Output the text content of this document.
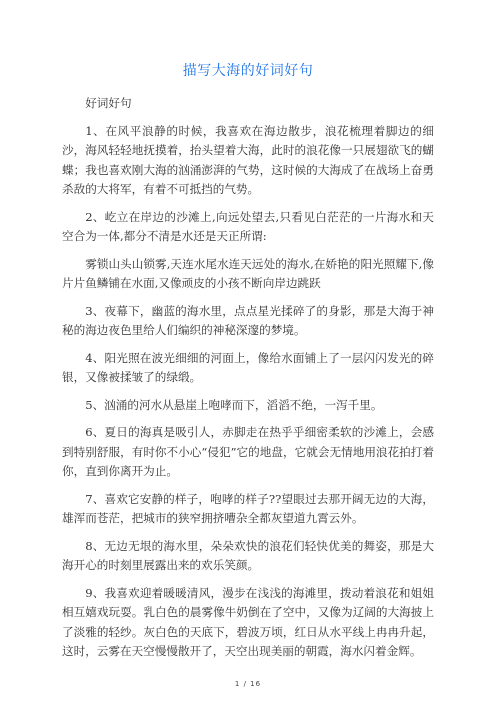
描写大海的好词好句

好词好句

1、在风平浪静的时候，我喜欢在海边散步，浪花梳理着脚边的细沙，海风轻轻地抚摸着，抬头望着大海，此时的浪花像一只展翅欲飞的蝴蝶；我也喜欢刚大海的汹涌澎湃的气势，这时候的大海成了在战场上奋勇杀敌的大将军，有着不可抵挡的气势。

2、屹立在岸边的沙滩上,向远处望去,只看见白茫茫的一片海水和天空合为一体,都分不清是水还是天正所谓:

雾锁山头山锁雾,天连水尾水连天远处的海水,在娇艳的阳光照耀下,像片片鱼鳞铺在水面,又像顽皮的小孩不断向岸边跳跃

3、夜幕下，幽蓝的海水里，点点星光揉碎了的身影，那是大海于神秘的海边夜色里给人们编织的神秘深邃的梦境。

4、阳光照在波光细细的河面上，像给水面铺上了一层闪闪发光的碎银，又像被揉皱了的绿缎。

5、汹涌的河水从悬崖上咆哮而下，滔滔不绝，一泻千里。

6、夏日的海真是吸引人，赤脚走在热乎乎细密柔软的沙滩上，会感到特别舒服，有时你不小心“侵犯”它的地盘，它就会无情地用浪花拍打着你，直到你离开为止。

7、喜欢它安静的样子，咆哮的样子??望眼过去那开阔无边的大海，雄浑而苍茫，把城市的狭窄拥挤嘈杂全都灰望道九霄云外。

8、无边无垠的海水里，朵朵欢快的浪花们轻快优美的舞姿，那是大海开心的时刻里展露出来的欢乐笑颜。

9、我喜欢迎着暖暖清风，漫步在浅浅的海滩里，拨动着浪花和姐姐相互嬉戏玩耍。乳白色的晨雾像牛奶倒在了空中，又像为辽阔的大海披上了淡雅的轻纱。灰白色的天底下，碧波万顷，红日从水平线上冉冉升起，这时，云雾在天空慢慢散开了，天空出现美丽的朝霞，海水闪着金辉。

1 / 16
